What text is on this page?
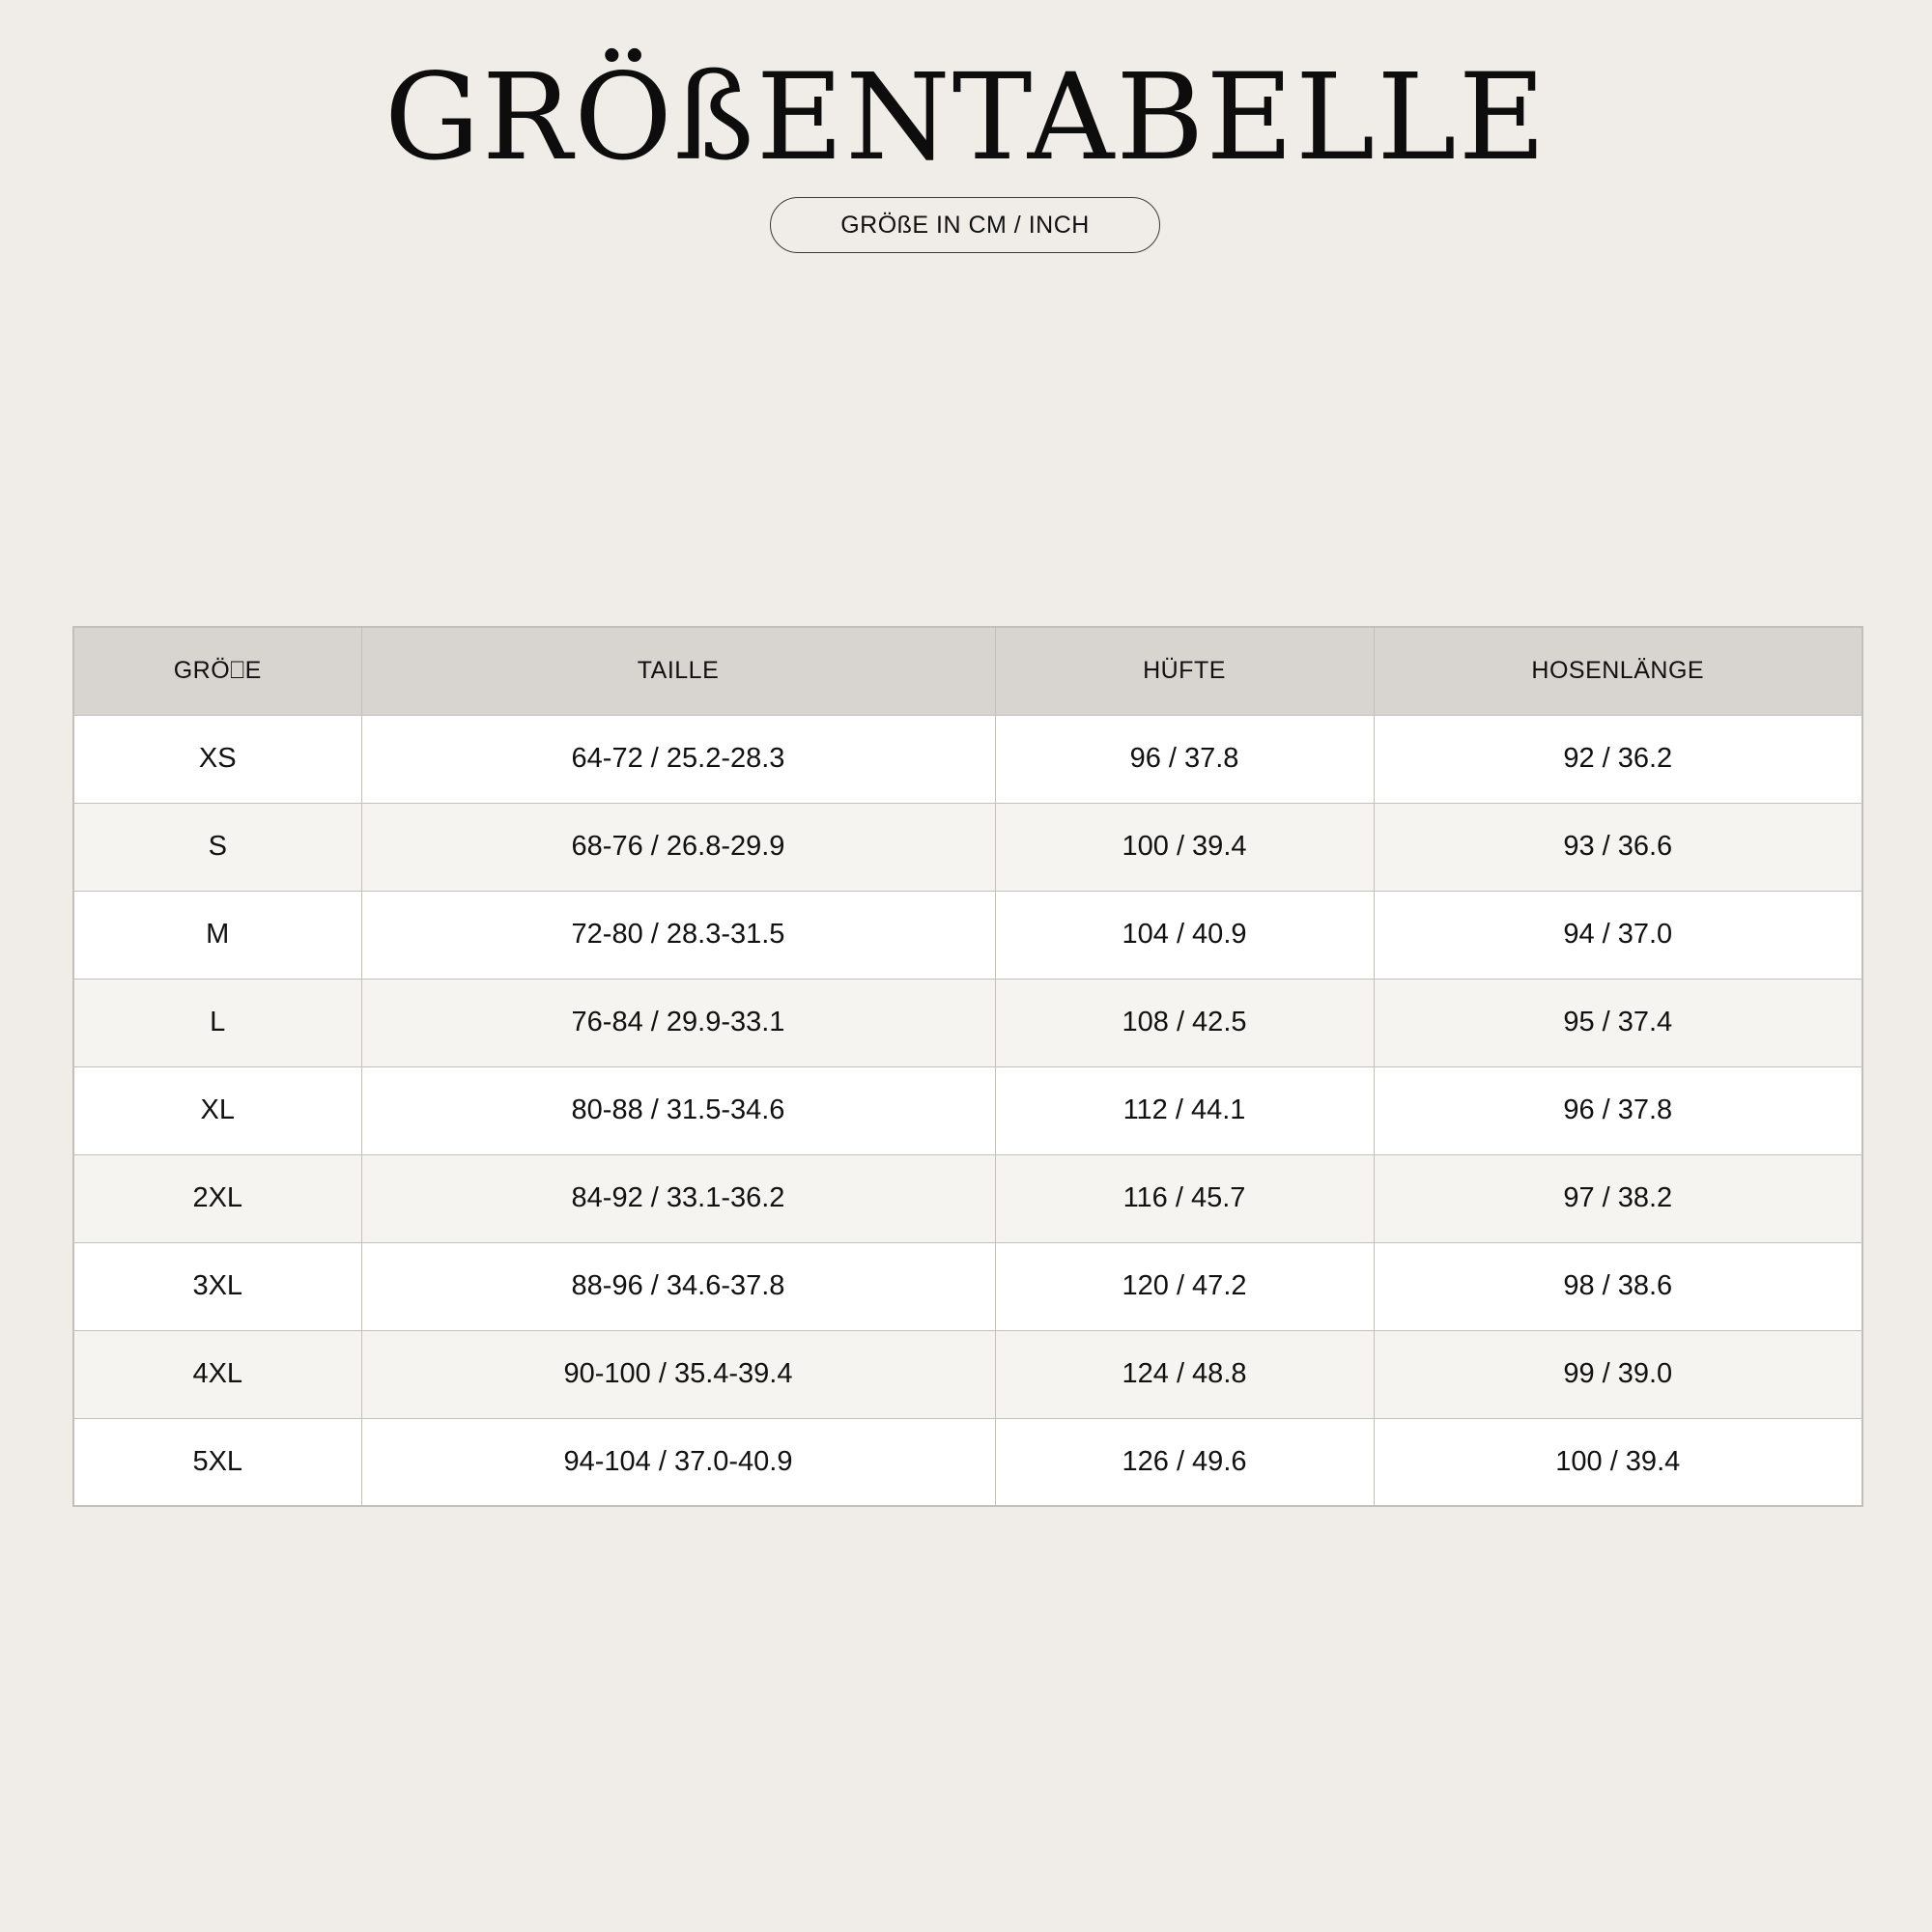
GRÖßENTABELLE
GRÖßE IN CM / INCH
GRÖ⎕E	TAILLE	HÜFTE	HOSENLÄNGE
XS	64-72 / 25.2-28.3	96 / 37.8	92 / 36.2
S	68-76 / 26.8-29.9	100 / 39.4	93 / 36.6
M	72-80 / 28.3-31.5	104 / 40.9	94 / 37.0
L	76-84 / 29.9-33.1	108 / 42.5	95 / 37.4
XL	80-88 / 31.5-34.6	112 / 44.1	96 / 37.8
2XL	84-92 / 33.1-36.2	116 / 45.7	97 / 38.2
3XL	88-96 / 34.6-37.8	120 / 47.2	98 / 38.6
4XL	90-100 / 35.4-39.4	124 / 48.8	99 / 39.0
5XL	94-104 / 37.0-40.9	126 / 49.6	100 / 39.4
